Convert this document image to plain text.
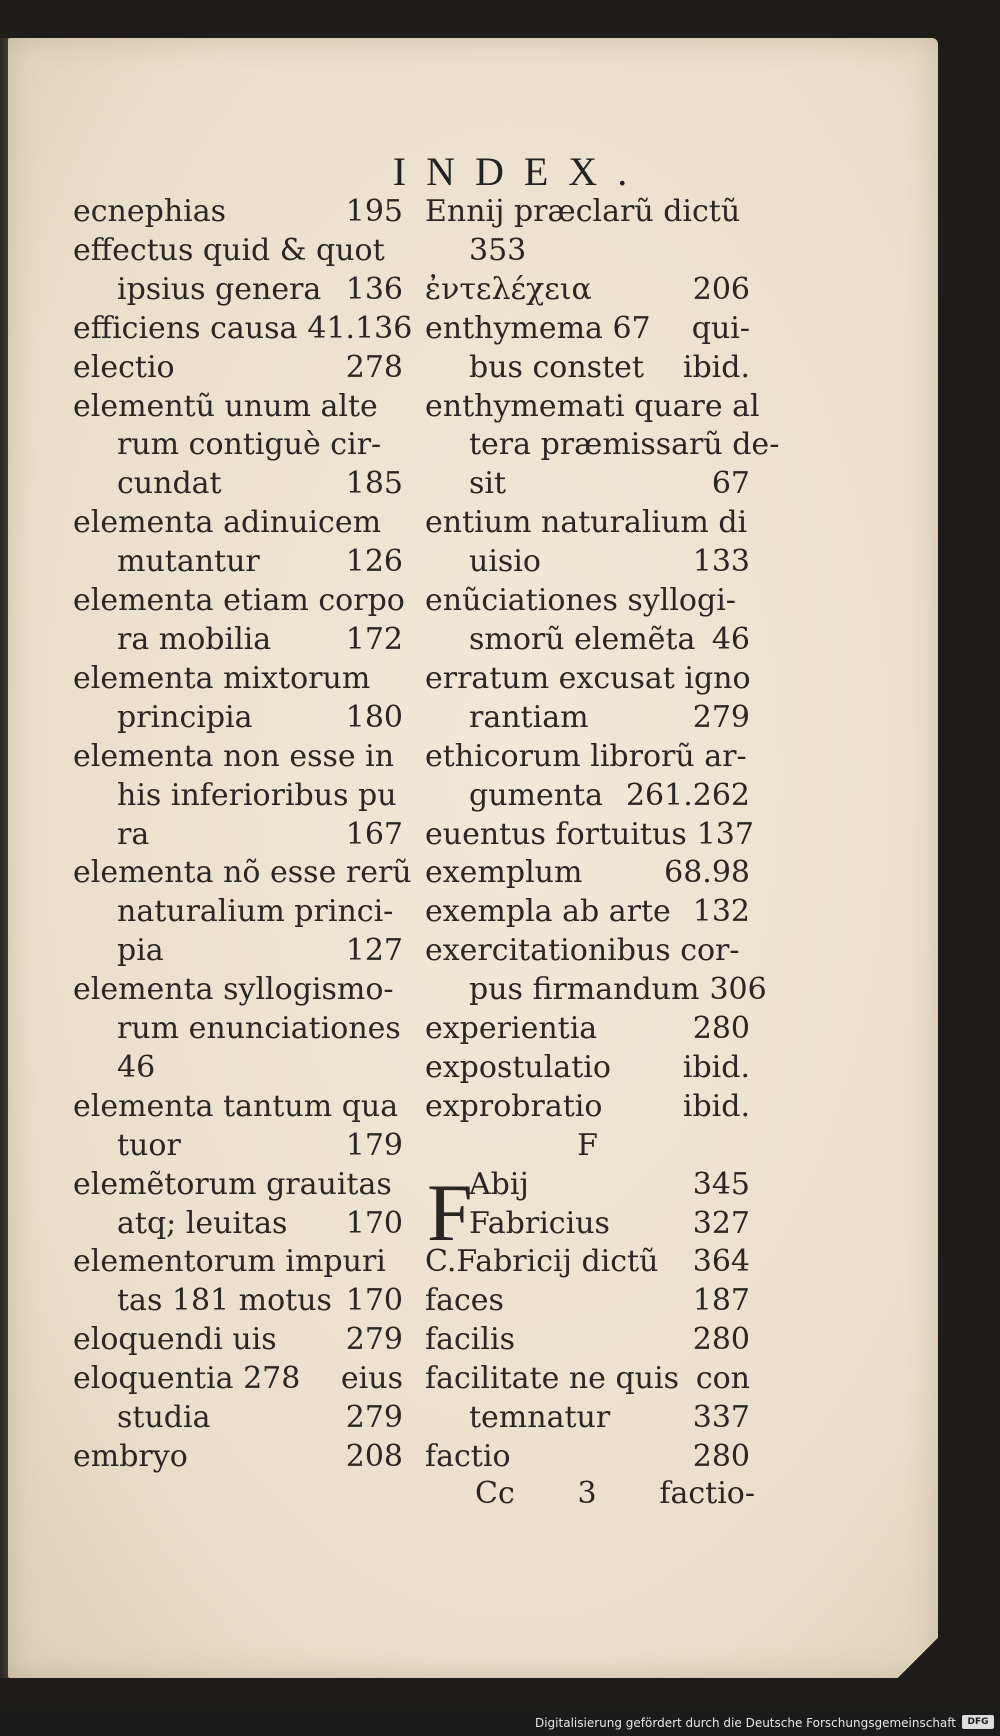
INDEX.
ecnephias	195
effectus quid & quot
ipsius genera 136
efficiens causa 41.136
electio	278
elementũ unum alte
rum contiguè cir-
cundat	185
elementa adinuicem
mutantur	126
elementa etiam corpo
ra mobilia 172
elementa mixtorum
principia	180
elementa non esse in
his inferioribus pu
ra	167
elementa nõ esse rerũ
naturalium princi-
pia	127
elementa syllogismo-
rum enunciationes
46
elementa tantum qua
tuor	179
elemẽtorum grauitas
atq; leuitas 170
elementorum impuri
tas 181 motus 170
eloquendi uis 279
eloquentia 278 eius
studia	279
embryo	208
Ennij præclarũ dictũ
353
ἐντελέχεια	206
enthymema 67 qui-
bus constet ibid.
enthymemati quare al
tera præmissarũ de-
sit	67
entium naturalium di
uisio	133
enũciationes syllogi-
smorũ elemẽta 46
erratum excusat igno
rantiam	279
ethicorum librorũ ar-
gumenta 261.262
euentus fortuitus 137
exemplum	68.98
exempla ab arte 132
exercitationibus cor-
pus firmandum 306
experientia	280
expostulatio ibid.
exprobratio	ibid.
F
Abij	345
Fabricius	327
C.Fabricij dictũ 364
faces	187
facilis	280
facilitate ne quis con
temnatur	337
factio	280
F
Cc 3 factio-
Digitalisierung gefördert durch die Deutsche Forschungsgemeinschaft	DFG
